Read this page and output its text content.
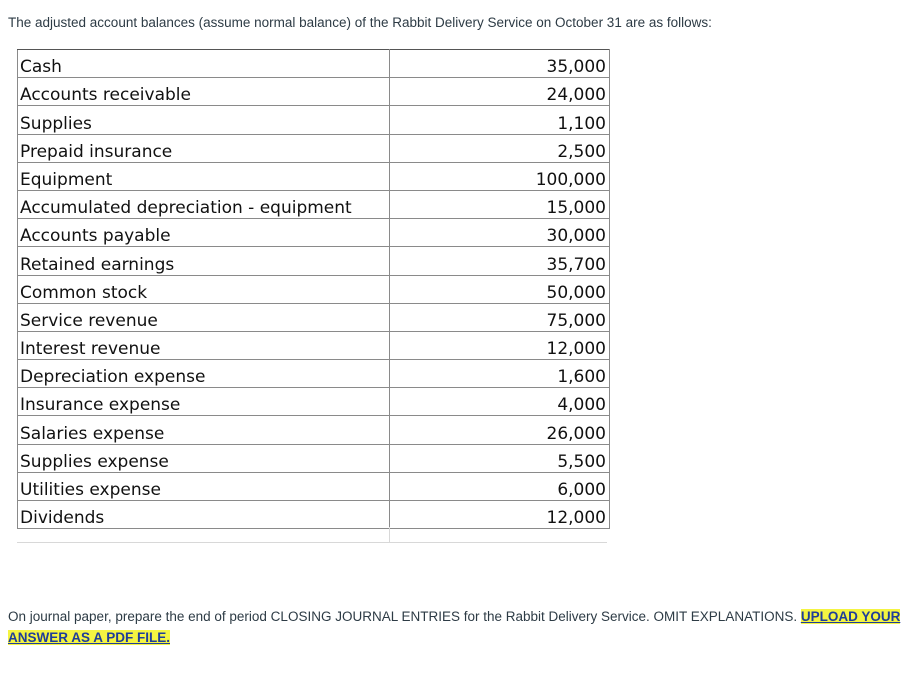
The adjusted account balances (assume normal balance) of the Rabbit Delivery Service on October 31 are as follows:
Cash	35,000
Accounts receivable	24,000
Supplies	1,100
Prepaid insurance	2,500
Equipment	100,000
Accumulated depreciation - equipment	15,000
Accounts payable	30,000
Retained earnings	35,700
Common stock	50,000
Service revenue	75,000
Interest revenue	12,000
Depreciation expense	1,600
Insurance expense	4,000
Salaries expense	26,000
Supplies expense	5,500
Utilities expense	6,000
Dividends	12,000
On journal paper, prepare the end of period CLOSING JOURNAL ENTRIES for the Rabbit Delivery Service. OMIT EXPLANATIONS. UPLOAD YOUR ANSWER AS A PDF FILE.
